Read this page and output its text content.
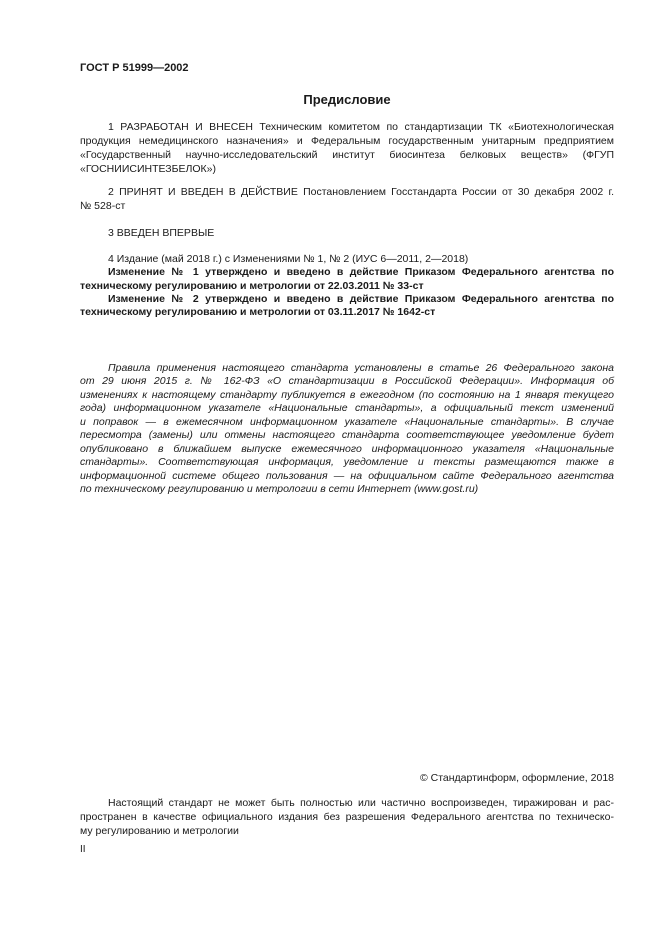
ГОСТ Р 51999—2002
Предисловие
1 РАЗРАБОТАН И ВНЕСЕН Техническим комитетом по стандартизации ТК «Биотехнологическая
продукция немедицинского назначения» и Федеральным государственным унитарным предприятием
«Государственный научно-исследовательский институт биосинтеза белковых веществ» (ФГУП
«ГОСНИИСИНТЕЗБЕЛОК»)
2 ПРИНЯТ И ВВЕДЕН В ДЕЙСТВИЕ Постановлением Госстандарта России от 30 декабря 2002 г.
№ 528-ст
3 ВВЕДЕН ВПЕРВЫЕ
4 Издание (май 2018 г.) с Изменениями № 1, № 2 (ИУС 6—2011, 2—2018)
Изменение № 1 утверждено и введено в действие Приказом Федерального агентства по
техническому регулированию и метрологии от 22.03.2011 № 33-ст
Изменение № 2 утверждено и введено в действие Приказом Федерального агентства по
техническому регулированию и метрологии от 03.11.2017 № 1642-ст
Правила применения настоящего стандарта установлены в статье 26 Федерального закона
от 29 июня 2015 г. № 162-ФЗ «О стандартизации в Российской Федерации». Информация об
изменениях к настоящему стандарту публикуется в ежегодном (по состоянию на 1 января текущего
года) информационном указателе «Национальные стандарты», а официальный текст изменений
и поправок — в ежемесячном информационном указателе «Национальные стандарты». В случае
пересмотра (замены) или отмены настоящего стандарта соответствующее уведомление будет
опубликовано в ближайшем выпуске ежемесячного информационного указателя «Национальные
стандарты». Соответствующая информация, уведомление и тексты размещаются также в
информационной системе общего пользования — на официальном сайте Федерального агентства
по техническому регулированию и метрологии в сети Интернет (www.gost.ru)
© Стандартинформ, оформление, 2018
Настоящий стандарт не может быть полностью или частично воспроизведен, тиражирован и рас-
пространен в качестве официального издания без разрешения Федерального агентства по техническо-
му регулированию и метрологии
II
